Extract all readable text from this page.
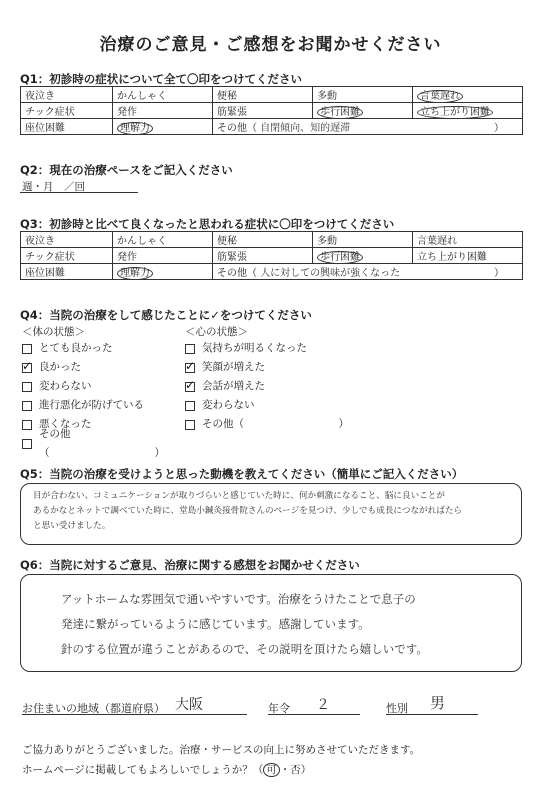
治療のご意見・ご感想をお聞かせください
Q1：初診時の症状について全て〇印をつけてください
夜泣き	かんしゃく	便秘	多動	言葉遅れ
チック症状	発作	筋緊張	歩行困難	立ち上がり困難
座位困難	理解力	その他（ 自閉傾向、知的遅滞 ）		
Q2：現在の治療ペースをご記入ください
週・月　／回
Q3：初診時と比べて良くなったと思われる症状に〇印をつけてください
夜泣き	かんしゃく	便秘	多動	言葉遅れ
チック症状	発作	筋緊張	歩行困難	立ち上がり困難
座位困難	理解力	その他（ 人に対しての興味が強くなった ）		
Q4：当院の治療をして感じたことに✓をつけてください
＜体の状態＞	＜心の状態＞
とても良かった
✓
良かった
変わらない
進行悪化が防げている
悪くなった
その他（　　　　　　　　　　）
気持ちが明るくなった
✓
笑顔が増えた
✓
会話が増えた
変わらない
その他（　　　　　　　　　）
Q5：当院の治療を受けようと思った動機を教えてください（簡単にご記入ください）
目が合わない、コミュニケーションが取りづらいと感じていた時に、何か刺激になること、脳に良いことが
あるかなとネットで調べていた時に、堂島小鍼灸接骨院さんのページを見つけ、少しでも成長につながればたら
と思い受けました。
Q6：当院に対するご意見、治療に関する感想をお聞かせください
アットホームな雰囲気で通いやすいです。治療をうけたことで息子の
発達に繋がっているように感じています。感謝しています。
針のする位置が違うことがあるので、その説明を頂けたら嬉しいです。
お住まいの地域（都道府県） 大阪	年令 ２	性別 男
ご協力ありがとうございました。治療・サービスの向上に努めさせていただきます。
ホームページに掲載してもよろしいでしょうか？（ 可 ・否）
